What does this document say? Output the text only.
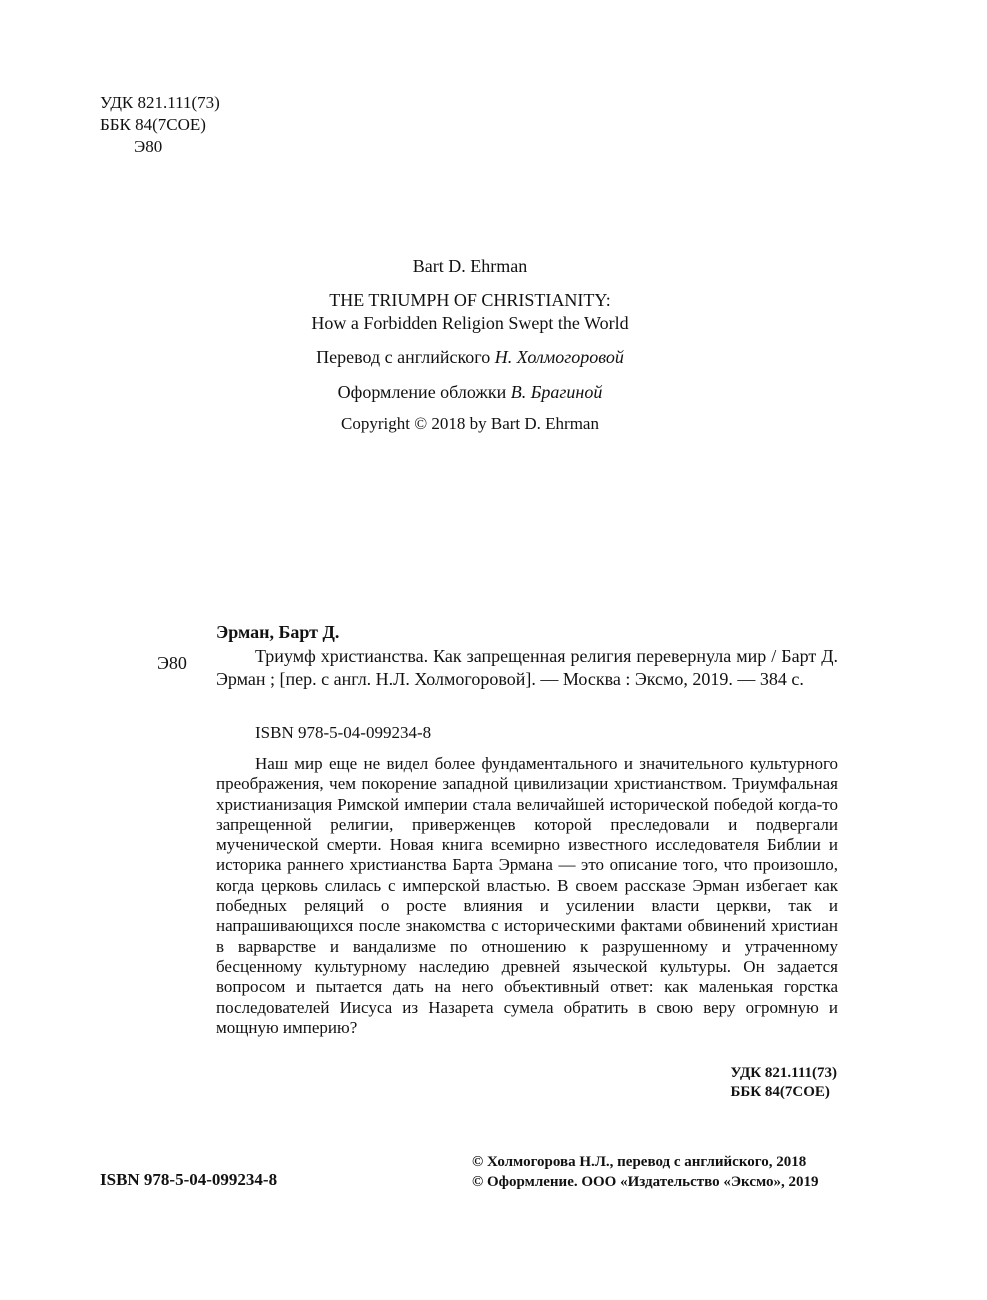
УДК 821.111(73)
ББК 84(7СОЕ)
Э80
Bart D. Ehrman
THE TRIUMPH OF CHRISTIANITY:
How a Forbidden Religion Swept the World
Перевод с английского Н. Холмогоровой
Оформление обложки В. Брагиной
Copyright © 2018 by Bart D. Ehrman
Эрман, Барт Д.
Э80	Триумф христианства. Как запрещенная религия перевернула мир / Барт Д. Эрман ; [пер. с англ. Н.Л. Холмогоровой]. — Москва : Эксмо, 2019. — 384 с.
ISBN 978-5-04-099234-8
Наш мир еще не видел более фундаментального и значительного культурного преображения, чем покорение западной цивилизации христианством. Триумфальная христианизация Римской империи стала величайшей исторической победой когда-то запрещенной религии, приверженцев которой преследовали и подвергали мученической смерти. Новая книга всемирно известного исследователя Библии и историка раннего христианства Барта Эрмана — это описание того, что произошло, когда церковь слилась с имперской властью. В своем рассказе Эрман избегает как победных реляций о росте влияния и усилении власти церкви, так и напрашивающихся после знакомства с историческими фактами обвинений христиан в варварстве и вандализме по отношению к разрушенному и утраченному бесценному культурному наследию древней языческой культуры. Он задается вопросом и пытается дать на него объективный ответ: как маленькая горстка последователей Иисуса из Назарета сумела обратить в свою веру огромную и мощную империю?
УДК 821.111(73)
ББК 84(7СОЕ)
ISBN 978-5-04-099234-8
© Холмогорова Н.Л., перевод с английского, 2018
© Оформление. ООО «Издательство «Эксмо», 2019
